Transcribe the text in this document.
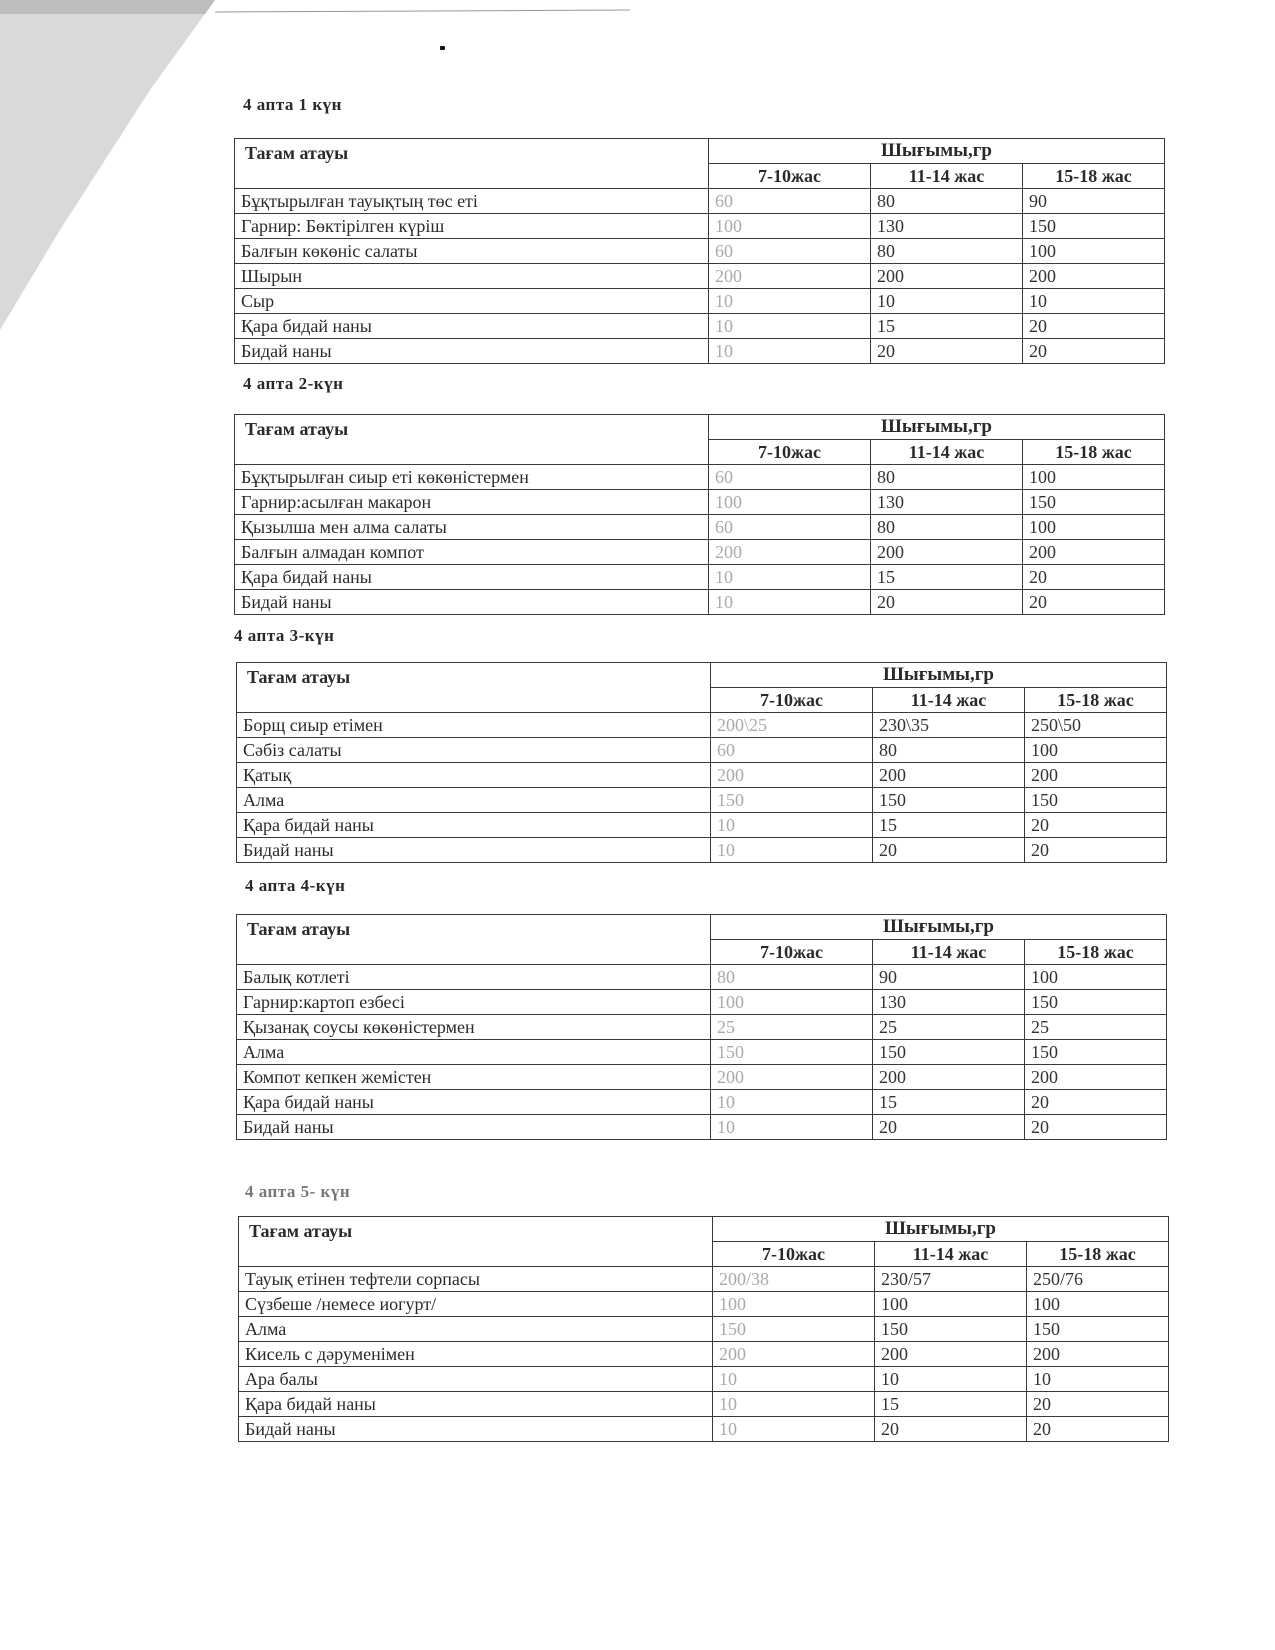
4 апта 1 күн
Тағам атауы	Шығымы,гр		
	7-10жас	11-14 жас	15-18 жас
Бұқтырылған тауықтың төс еті	60	80	90
Гарнир: Бөктірілген күріш	100	130	150
Балғын көкөніс салаты	60	80	100
Шырын	200	200	200
Сыр	10	10	10
Қара бидай наны	10	15	20
Бидай наны	10	20	20
4 апта 2-күн
Тағам атауы	Шығымы,гр		
	7-10жас	11-14 жас	15-18 жас
Бұқтырылған сиыр еті көкөністермен	60	80	100
Гарнир:асылған макарон	100	130	150
Қызылша мен алма салаты	60	80	100
Балғын алмадан компот	200	200	200
Қара бидай наны	10	15	20
Бидай наны	10	20	20
4 апта 3-күн
Тағам атауы	Шығымы,гр		
	7-10жас	11-14 жас	15-18 жас
Борщ сиыр етімен	200\25	230\35	250\50
Сәбіз салаты	60	80	100
Қатық	200	200	200
Алма	150	150	150
Қара бидай наны	10	15	20
Бидай наны	10	20	20
4 апта 4-күн
Тағам атауы	Шығымы,гр		
	7-10жас	11-14 жас	15-18 жас
Балық котлеті	80	90	100
Гарнир:картоп езбесі	100	130	150
Қызанақ соусы көкөністермен	25	25	25
Алма	150	150	150
Компот кепкен жемістен	200	200	200
Қара бидай наны	10	15	20
Бидай наны	10	20	20
4 апта 5- күн
Тағам атауы	Шығымы,гр		
	7-10жас	11-14 жас	15-18 жас
Тауық етінен тефтели сорпасы	200/38	230/57	250/76
Сүзбеше /немесе иогурт/	100	100	100
Алма	150	150	150
Кисель с дәруменімен	200	200	200
Ара балы	10	10	10
Қара бидай наны	10	15	20
Бидай наны	10	20	20
